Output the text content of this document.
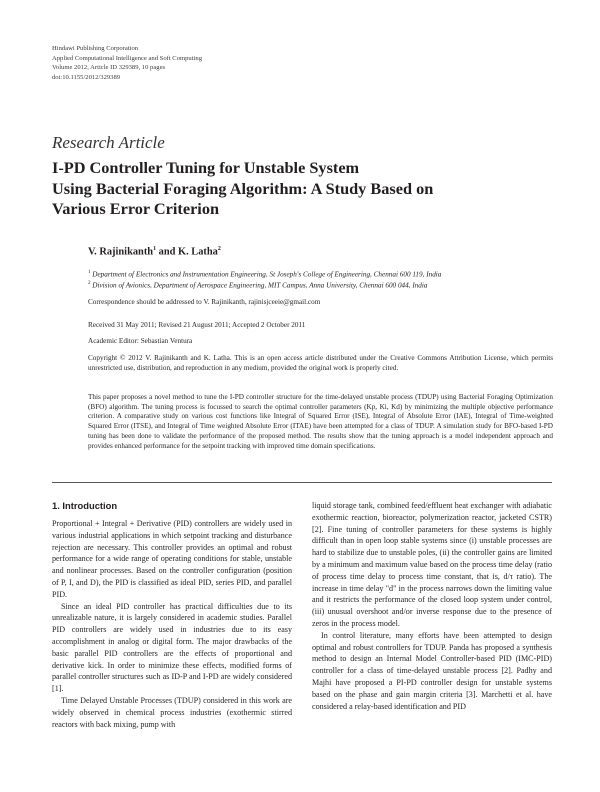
Hindawi Publishing Corporation
Applied Computational Intelligence and Soft Computing
Volume 2012, Article ID 329389, 10 pages
doi:10.1155/2012/329389
Research Article
I-PD Controller Tuning for Unstable System
Using Bacterial Foraging Algorithm: A Study Based on
Various Error Criterion
V. Rajinikanth$^1$ and K. Latha$^2$
$^1$ Department of Electronics and Instrumentation Engineering, St Joseph's College of Engineering, Chennai 600 119, India
$^2$ Division of Avionics, Department of Aerospace Engineering, MIT Campus, Anna University, Chennai 600 044, India
Correspondence should be addressed to V. Rajinikanth, rajinisjceeie@gmail.com
Received 31 May 2011; Revised 21 August 2011; Accepted 2 October 2011
Academic Editor: Sebastian Ventura
Copyright © 2012 V. Rajinikanth and K. Latha. This is an open access article distributed under the Creative Commons Attribution License, which permits unrestricted use, distribution, and reproduction in any medium, provided the original work is properly cited.
This paper proposes a novel method to tune the I-PD controller structure for the time-delayed unstable process (TDUP) using Bacterial Foraging Optimization (BFO) algorithm. The tuning process is focussed to search the optimal controller parameters (Kp, Ki, Kd) by minimizing the multiple objective performance criterion. A comparative study on various cost functions like Integral of Squared Error (ISE), Integral of Absolute Error (IAE), Integral of Time-weighted Squared Error (ITSE), and Integral of Time weighted Absolute Error (ITAE) have been attempted for a class of TDUP. A simulation study for BFO-based I-PD tuning has been done to validate the performance of the proposed method. The results show that the tuning approach is a model independent approach and provides enhanced performance for the setpoint tracking with improved time domain specifications.
1. Introduction

Proportional + Integral + Derivative (PID) controllers are widely used in various industrial applications in which setpoint tracking and disturbance rejection are necessary. This controller provides an optimal and robust performance for a wide range of operating conditions for stable, unstable and nonlinear processes. Based on the controller configuration (position of P, I, and D), the PID is classified as ideal PID, series PID, and parallel PID.

Since an ideal PID controller has practical difficulties due to its unrealizable nature, it is largely considered in academic studies. Parallel PID controllers are widely used in industries due to its easy accomplishment in analog or digital form. The major drawbacks of the basic parallel PID controllers are the effects of proportional and derivative kick. In order to minimize these effects, modified forms of parallel controller structures such as ID-P and I-PD are widely considered [1].

Time Delayed Unstable Processes (TDUP) considered in this work are widely observed in chemical process industries (exothermic stirred reactors with back mixing, pump with

liquid storage tank, combined feed/effluent heat exchanger with adiabatic exothermic reaction, bioreactor, polymerization reactor, jacketed CSTR) [2]. Fine tuning of controller parameters for these systems is highly difficult than in open loop stable systems since (i) unstable processes are hard to stabilize due to unstable poles, (ii) the controller gains are limited by a minimum and maximum value based on the process time delay (ratio of process time delay to process time constant, that is, d/τ ratio). The increase in time delay "d" in the process narrows down the limiting value and it restricts the performance of the closed loop system under control, (iii) unusual overshoot and/or inverse response due to the presence of zeros in the process model.

In control literature, many efforts have been attempted to design optimal and robust controllers for TDUP. Panda has proposed a synthesis method to design an Internal Model Controller-based PID (IMC-PID) controller for a class of time-delayed unstable process [2]. Padhy and Majhi have proposed a PI-PD controller design for unstable systems based on the phase and gain margin criteria [3]. Marchetti et al. have considered a relay-based identification and PID
